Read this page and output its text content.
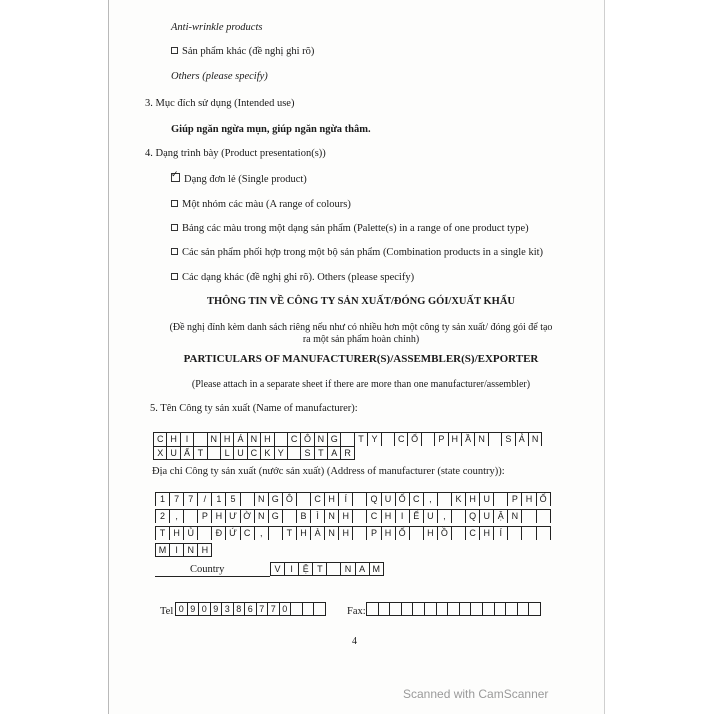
Anti-wrinkle products
Sản phẩm khác (đề nghị ghi rõ)
Others (please specify)
3. Mục đích sử dụng (Intended use)
Giúp ngăn ngừa mụn, giúp ngăn ngừa thâm.
4. Dạng trình bày (Product presentation(s))
✓Dạng đơn lẻ (Single product)
Một nhóm các màu (A range of colours)
Bảng các màu trong một dạng sản phẩm (Palette(s) in a range of one product type)
Các sản phẩm phối hợp trong một bộ sản phẩm (Combination products in a single kit)
Các dạng khác (đề nghị ghi rõ). Others (please specify)
THÔNG TIN VỀ CÔNG TY SẢN XUẤT/ĐÓNG GÓI/XUẤT KHẨU
(Đề nghị đính kèm danh sách riêng nếu như có nhiều hơn một công ty sản xuất/ đóng gói để tạo
ra một sản phẩm hoàn chỉnh)
PARTICULARS OF MANUFACTURER(S)/ASSEMBLER(S)/EXPORTER
(Please attach in a separate sheet if there are more than one manufacturer/assembler)
5. Tên Công ty sản xuất (Name of manufacturer):
C H I	N H Á N H	C Ô N G	T Y	C Ổ	P H Ầ N	S Ả N
X U Ấ T	L U C K Y	S T A R
Địa chỉ Công ty sản xuất (nước sản xuất) (Address of manufacturer (state country)):
1	7	7	/	1	5	N G Ô	C H	Í	Q U Ố C	,	K H U	P H Ố
2	,	P H Ư Ờ N G	B	Ì	N H	C H	I	Ể U	,	Q U Ậ N
T H Ủ	Đ Ứ C	,	T H À N H	P H Ố	H Ồ	C H	Í
M	I	N H
Country	V	I	Ệ T	N A M
Tel 0 9 0 9 3 8 6 7 7 0	Fax:
4
Scanned with CamScanner
